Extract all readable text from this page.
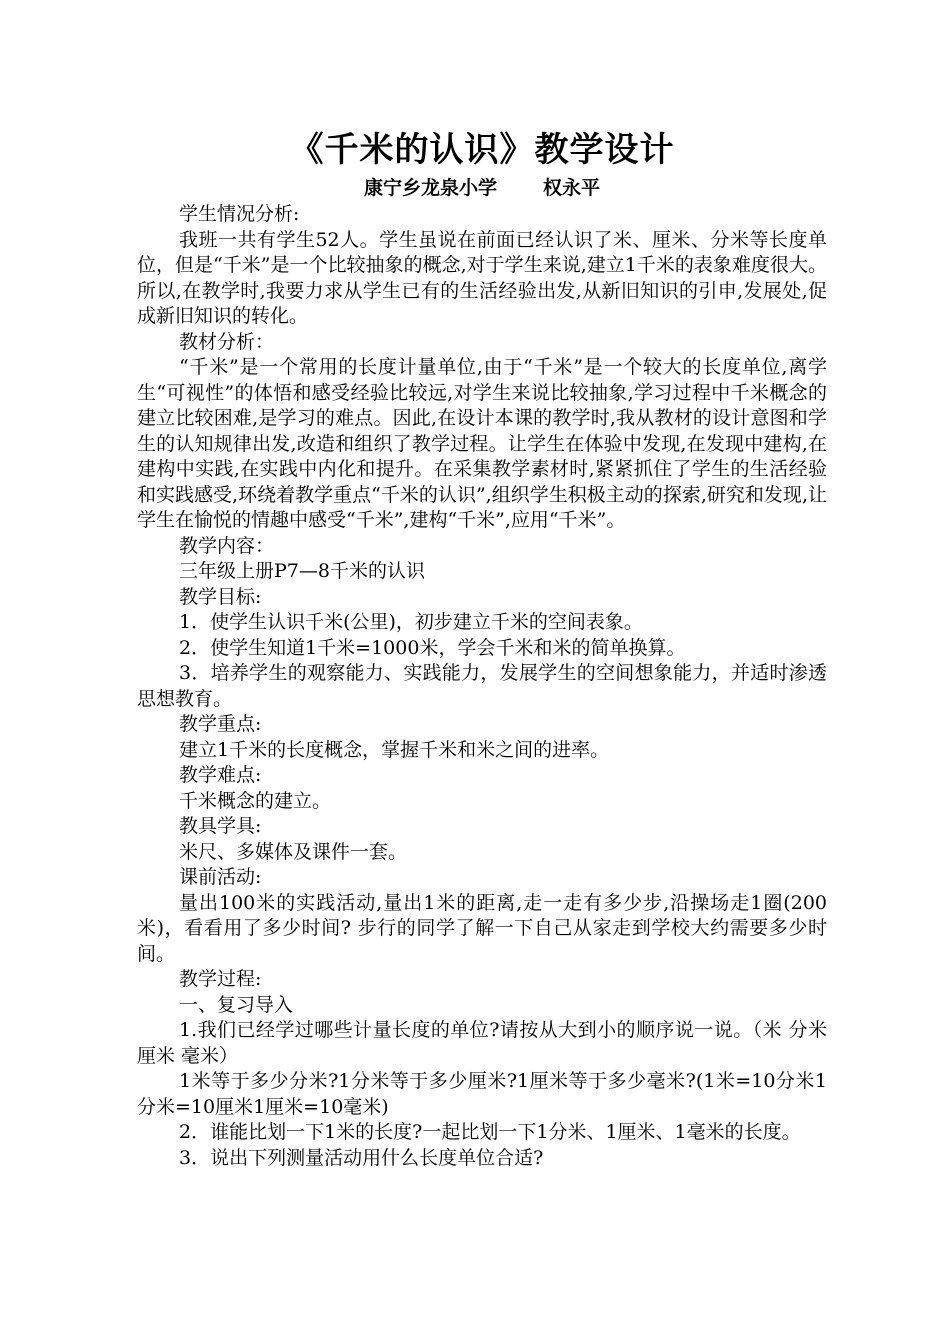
《千米的认识》教学设计
康宁乡龙泉小学 权永平

学生情况分析:

我班一共有学生52人。学生虽说在前面已经认识了米、厘米、分米等长度单位，但是“千米”是一个比较抽象的概念,对于学生来说,建立1千米的表象难度很大。所以,在教学时,我要力求从学生已有的生活经验出发,从新旧知识的引申,发展处,促成新旧知识的转化。

教材分析：

“千米”是一个常用的长度计量单位,由于“千米”是一个较大的长度单位,离学生“可视性”的体悟和感受经验比较远,对学生来说比较抽象,学习过程中千米概念的建立比较困难,是学习的难点。因此,在设计本课的教学时,我从教材的设计意图和学生的认知规律出发,改造和组织了教学过程。让学生在体验中发现,在发现中建构,在建构中实践,在实践中内化和提升。在采集教学素材时,紧紧抓住了学生的生活经验和实践感受,环绕着教学重点“千米的认识”,组织学生积极主动的探索,研究和发现,让学生在愉悦的情趣中感受“千米”,建构“千米”,应用“千米”。

教学内容：

三年级上册P7—8千米的认识

教学目标:

1．使学生认识千米(公里)，初步建立千米的空间表象。

2．使学生知道1千米=1000米，学会千米和米的简单换算。

3．培养学生的观察能力、实践能力，发展学生的空间想象能力，并适时渗透思想教育。

教学重点:

建立1千米的长度概念，掌握千米和米之间的进率。

教学难点:

千米概念的建立。

教具学具:

米尺、多媒体及课件一套。

课前活动:

量出100米的实践活动,量出1米的距离,走一走有多少步,沿操场走1圈(200米)，看看用了多少时间? 步行的同学了解一下自己从家走到学校大约需要多少时间。

教学过程:

一、复习导入

1.我们已经学过哪些计量长度的单位?请按从大到小的顺序说一说。（米 分米 厘米 毫米）

1米等于多少分米?1分米等于多少厘米?1厘米等于多少毫米?(1米=10分米1分米=10厘米1厘米=10毫米)

2．谁能比划一下1米的长度?一起比划一下1分米、1厘米、1毫米的长度。

3．说出下列测量活动用什么长度单位合适?
